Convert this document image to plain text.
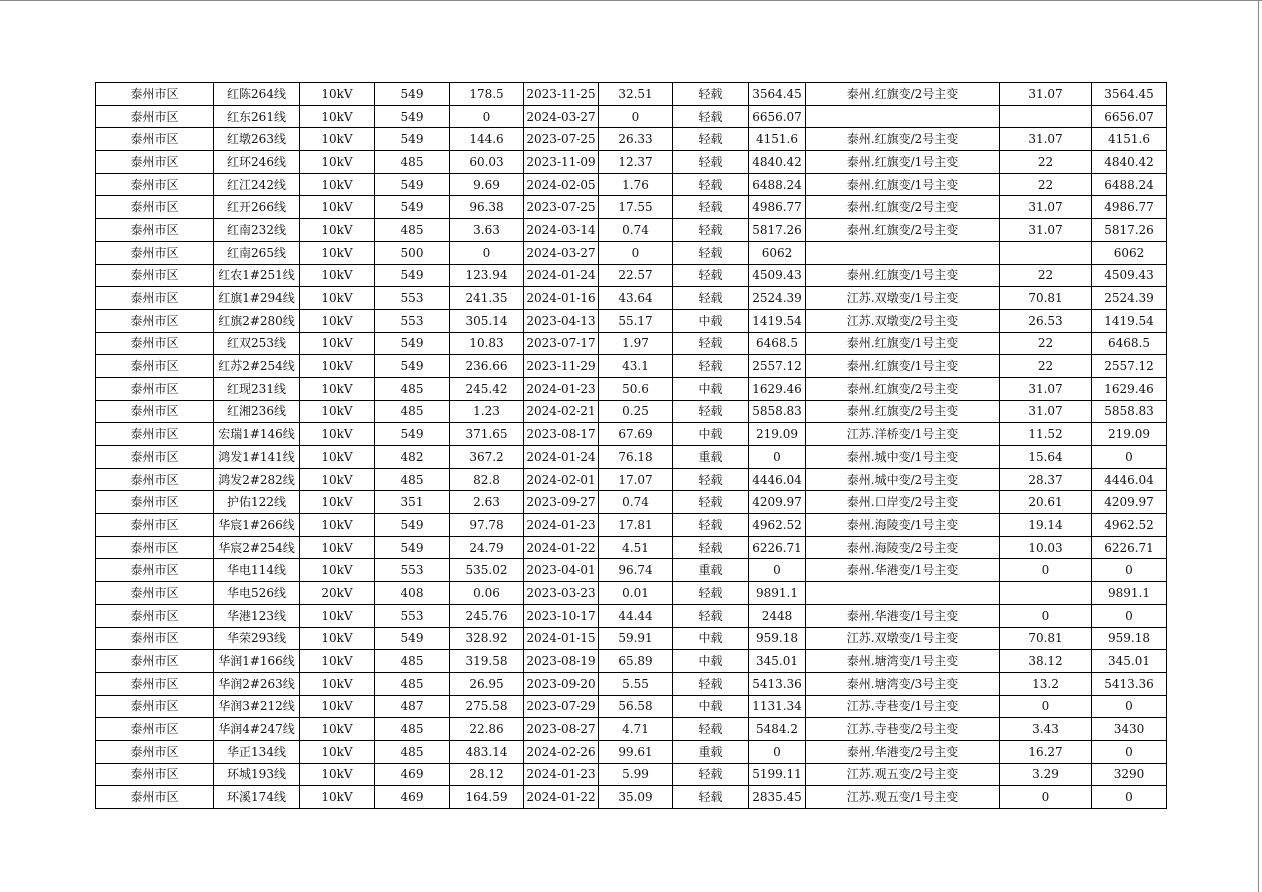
泰州市区	红陈264线	10kV	549	178.5	2023-11-25	32.51	轻载	3564.45	泰州.红旗变/2号主变	31.07	3564.45
泰州市区	红东261线	10kV	549	0	2024-03-27	0	轻载	6656.07			6656.07
泰州市区	红墩263线	10kV	549	144.6	2023-07-25	26.33	轻载	4151.6	泰州.红旗变/2号主变	31.07	4151.6
泰州市区	红环246线	10kV	485	60.03	2023-11-09	12.37	轻载	4840.42	泰州.红旗变/1号主变	22	4840.42
泰州市区	红江242线	10kV	549	9.69	2024-02-05	1.76	轻载	6488.24	泰州.红旗变/1号主变	22	6488.24
泰州市区	红开266线	10kV	549	96.38	2023-07-25	17.55	轻载	4986.77	泰州.红旗变/2号主变	31.07	4986.77
泰州市区	红南232线	10kV	485	3.63	2024-03-14	0.74	轻载	5817.26	泰州.红旗变/2号主变	31.07	5817.26
泰州市区	红南265线	10kV	500	0	2024-03-27	0	轻载	6062			6062
泰州市区	红农1#251线	10kV	549	123.94	2024-01-24	22.57	轻载	4509.43	泰州.红旗变/1号主变	22	4509.43
泰州市区	红旗1#294线	10kV	553	241.35	2024-01-16	43.64	轻载	2524.39	江苏.双墩变/1号主变	70.81	2524.39
泰州市区	红旗2#280线	10kV	553	305.14	2023-04-13	55.17	中载	1419.54	江苏.双墩变/2号主变	26.53	1419.54
泰州市区	红双253线	10kV	549	10.83	2023-07-17	1.97	轻载	6468.5	泰州.红旗变/1号主变	22	6468.5
泰州市区	红苏2#254线	10kV	549	236.66	2023-11-29	43.1	轻载	2557.12	泰州.红旗变/1号主变	22	2557.12
泰州市区	红现231线	10kV	485	245.42	2024-01-23	50.6	中载	1629.46	泰州.红旗变/2号主变	31.07	1629.46
泰州市区	红湘236线	10kV	485	1.23	2024-02-21	0.25	轻载	5858.83	泰州.红旗变/2号主变	31.07	5858.83
泰州市区	宏瑞1#146线	10kV	549	371.65	2023-08-17	67.69	中载	219.09	江苏.洋桥变/1号主变	11.52	219.09
泰州市区	鸿发1#141线	10kV	482	367.2	2024-01-24	76.18	重载	0	泰州.城中变/1号主变	15.64	0
泰州市区	鸿发2#282线	10kV	485	82.8	2024-02-01	17.07	轻载	4446.04	泰州.城中变/2号主变	28.37	4446.04
泰州市区	护佑122线	10kV	351	2.63	2023-09-27	0.74	轻载	4209.97	泰州.口岸变/2号主变	20.61	4209.97
泰州市区	华宸1#266线	10kV	549	97.78	2024-01-23	17.81	轻载	4962.52	泰州.海陵变/1号主变	19.14	4962.52
泰州市区	华宸2#254线	10kV	549	24.79	2024-01-22	4.51	轻载	6226.71	泰州.海陵变/2号主变	10.03	6226.71
泰州市区	华电114线	10kV	553	535.02	2023-04-01	96.74	重载	0	泰州.华港变/1号主变	0	0
泰州市区	华电526线	20kV	408	0.06	2023-03-23	0.01	轻载	9891.1			9891.1
泰州市区	华港123线	10kV	553	245.76	2023-10-17	44.44	轻载	2448	泰州.华港变/1号主变	0	0
泰州市区	华荣293线	10kV	549	328.92	2024-01-15	59.91	中载	959.18	江苏.双墩变/1号主变	70.81	959.18
泰州市区	华润1#166线	10kV	485	319.58	2023-08-19	65.89	中载	345.01	泰州.塘湾变/1号主变	38.12	345.01
泰州市区	华润2#263线	10kV	485	26.95	2023-09-20	5.55	轻载	5413.36	泰州.塘湾变/3号主变	13.2	5413.36
泰州市区	华润3#212线	10kV	487	275.58	2023-07-29	56.58	中载	1131.34	江苏.寺巷变/1号主变	0	0
泰州市区	华润4#247线	10kV	485	22.86	2023-08-27	4.71	轻载	5484.2	江苏.寺巷变/2号主变	3.43	3430
泰州市区	华正134线	10kV	485	483.14	2024-02-26	99.61	重载	0	泰州.华港变/2号主变	16.27	0
泰州市区	环城193线	10kV	469	28.12	2024-01-23	5.99	轻载	5199.11	江苏.观五变/2号主变	3.29	3290
泰州市区	环溪174线	10kV	469	164.59	2024-01-22	35.09	轻载	2835.45	江苏.观五变/1号主变	0	0
